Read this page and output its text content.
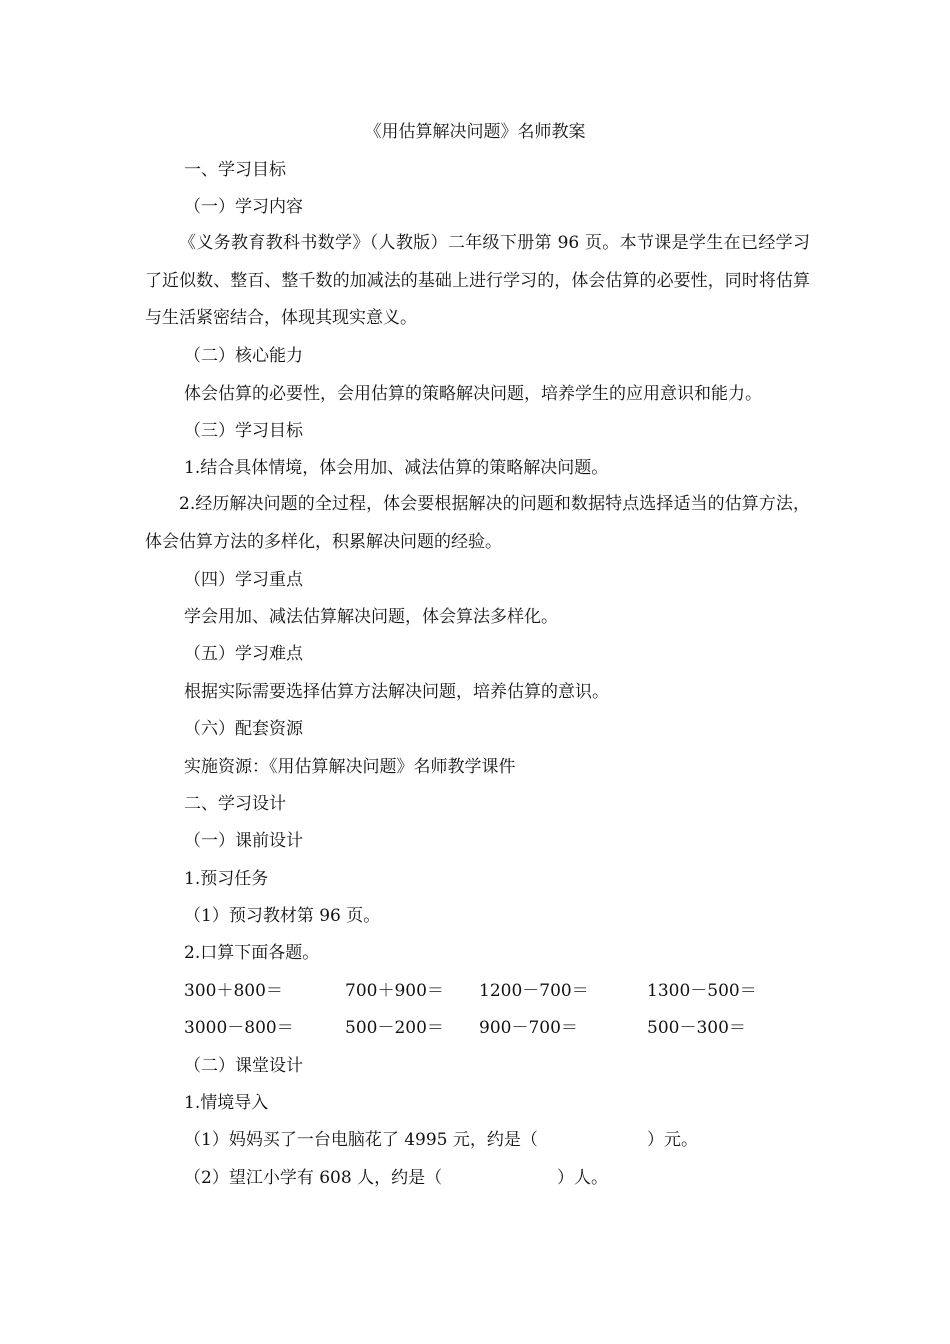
《用估算解决问题》名师教案
一、学习目标
（一）学习内容
《义务教育教科书数学》（人教版）二年级下册第 96 页。本节课是学生在已经学习了近似数、整百、整千数的加减法的基础上进行学习的，体会估算的必要性，同时将估算与生活紧密结合，体现其现实意义。
（二）核心能力
体会估算的必要性，会用估算的策略解决问题，培养学生的应用意识和能力。
（三）学习目标
1.结合具体情境，体会用加、减法估算的策略解决问题。
2.经历解决问题的全过程，体会要根据解决的问题和数据特点选择适当的估算方法，体会估算方法的多样化，积累解决问题的经验。
（四）学习重点
学会用加、减法估算解决问题，体会算法多样化。
（五）学习难点
根据实际需要选择估算方法解决问题，培养估算的意识。
（六）配套资源
实施资源：《用估算解决问题》名师教学课件
二、学习设计
（一）课前设计
1.预习任务
（1）预习教材第 96 页。
2.口算下面各题。
300＋800＝	700＋900＝ 1200－700＝	1300－500＝
3000－800＝	500－200＝ 900－700＝	500－300＝
（二）课堂设计
1.情境导入
（1）妈妈买了一台电脑花了 4995 元，约是（	）元。
（2）望江小学有 608 人，约是（	）人。
